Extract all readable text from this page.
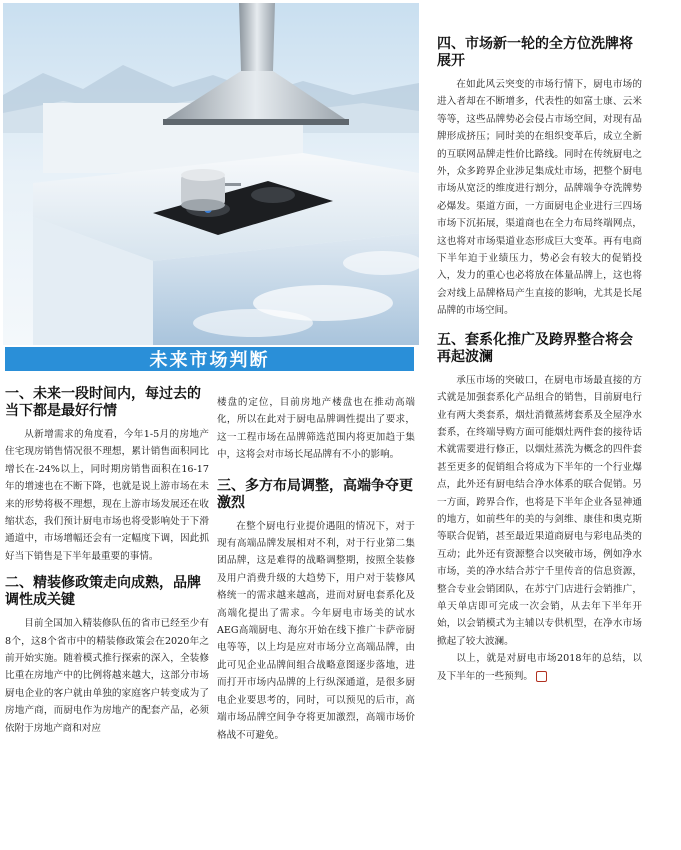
未来市场判断
一、未来一段时间内，每过去的当下都是最好行情

从新增需求的角度看，今年1-5月的房地产住宅现房销售情况很不理想，累计销售面积同比增长在-24%以上，同时期房销售面积在16-17年的增速也在不断下降，也就是说上游市场在未来的形势将极不理想，现在上游市场发展还在收缩状态，我们预计厨电市场也将受影响处于下滑通道中，市场增幅还会有一定幅度下调，因此抓好当下销售是下半年最重要的事情。

二、精装修政策走向成熟，品牌调性成关键

目前全国加入精装修队伍的省市已经至少有8个，这8个省市中的精装修政策会在2020年之前开始实施。随着模式推行探索的深入，全装修比重在房地产中的比例将越来越大，这部分市场厨电企业的客户就由单独的家庭客户转变成为了房地产商，而厨电作为房地产的配套产品，必须依附于房地产商和对应

楼盘的定位，目前房地产楼盘也在推动高端化，所以在此对于厨电品牌调性提出了要求，这一工程市场在品牌筛选范围内将更加趋于集中，这将会对市场长尾品牌有不小的影响。

三、多方布局调整，高端争夺更激烈

在整个厨电行业提价遇阻的情况下，对于现有高端品牌发展相对不利，对于行业第二集团品牌，这是难得的战略调整期，按照全装修及用户消费升级的大趋势下，用户对于装修风格统一的需求越来越高，进而对厨电套系化及高端化提出了需求。今年厨电市场美的试水AEG高端厨电、海尔开始在线下推广卡萨帝厨电等等，以上均是应对市场分立高端品牌，由此可见企业品牌间组合战略意图逐步落地，进而打开市场内品牌的上行纵深通道，是很多厨电企业要思考的，同时，可以预见的后市，高端市场品牌空间争夺将更加激烈，高端市场价格战不可避免。

四、市场新一轮的全方位洗牌将展开

在如此风云突变的市场行情下，厨电市场的进入者却在不断增多，代表性的如富士康、云米等等，这些品牌势必会侵占市场空间，对现有品牌形成挤压；同时美的在组织变革后，成立全新的互联网品牌走性价比路线。同时在传统厨电之外，众多跨界企业涉足集成灶市场，把整个厨电市场从宽泛的维度进行割分，品牌端争夺洗牌势必爆发。渠道方面，一方面厨电企业进行三四场市场下沉拓展，渠道商也在全力布局终端网点，这也将对市场渠道业态形成巨大变革。再有电商下半年迫于业绩压力，势必会有较大的促销投入，发力的重心也必将放在体量品牌上，这也将会对线上品牌格局产生直接的影响，尤其是长尾品牌的市场空间。

五、套系化推广及跨界整合将会再起波澜

承压市场的突破口，在厨电市场最直接的方式就是加强套系化产品组合的销售，目前厨电行业有两大类套系，烟灶消微蒸烤套系及全屋净水套系，在终端导购方面可能烟灶两件套的接待话术就需要进行修正，以烟灶蒸洗为概念的四件套甚至更多的促销组合将成为下半年的一个行业爆点，此外还有厨电结合净水体系的联合促销。另一方面，跨界合作，也将是下半年企业各显神通的地方，如前些年的美的与剑维、康佳和奥克斯等联合促销，甚至最近果道商厨电与彩电品类的互动；此外还有资源整合以突破市场，例如净水市场，美的净水结合苏宁千里传音的信息资源，整合专业会销团队，在苏宁门店进行会销推广，单天单店即可完成一次会销，从去年下半年开始，以会销模式为主辅以专供机型，在净水市场掀起了较大波澜。

以上，就是对厨电市场2018年的总结，以及下半年的一些预判。
